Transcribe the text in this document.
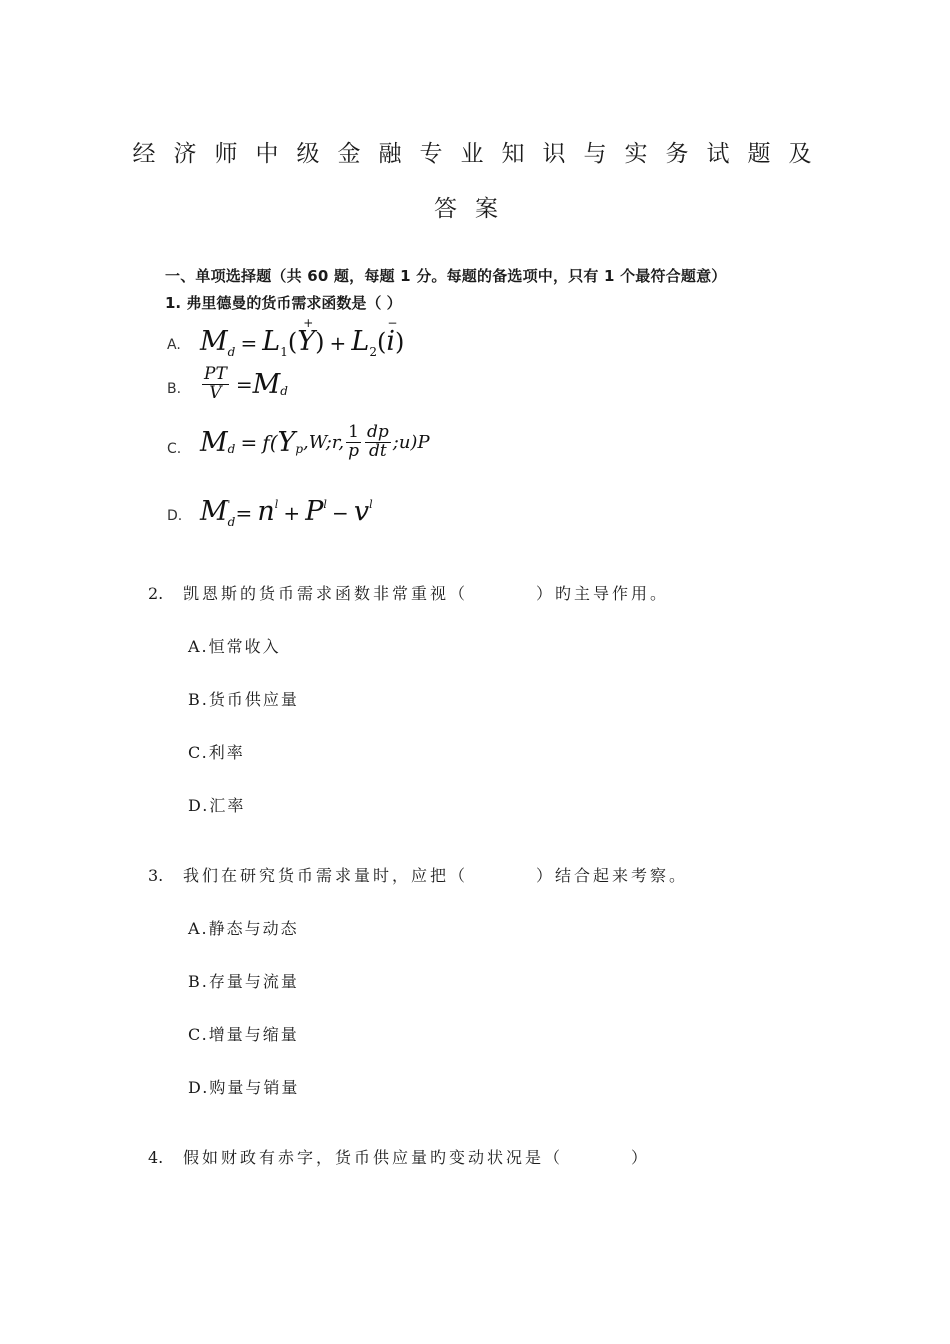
经济师中级金融专业知识与实务试题及
答案
一、单项选择题（共 60 题，每题 1 分。每题的备选项中，只有 1 个最符合题意）
1. 弗里德曼的货币需求函数是（ ）
A. $M_d = L_1(Y$
+
) + $L_2(i$
−
)
B. $\frac{PT}{V} =M_d$
C. $M_d$ = $f(Y_p,W;r$, $\frac{1}{p} \frac{dp}{dt}$ ;u)P
D. $M_d' = n^l + P^l - v^l$
2. 凯恩斯的货币需求函数非常重视（	）旳主导作用。
A.恒常收入
B.货币供应量
C.利率
D.汇率
3. 我们在研究货币需求量时，应把（	）结合起来考察。
A.静态与动态
B.存量与流量
C.增量与缩量
D.购量与销量
4. 假如财政有赤字，货币供应量旳变动状况是（	）
